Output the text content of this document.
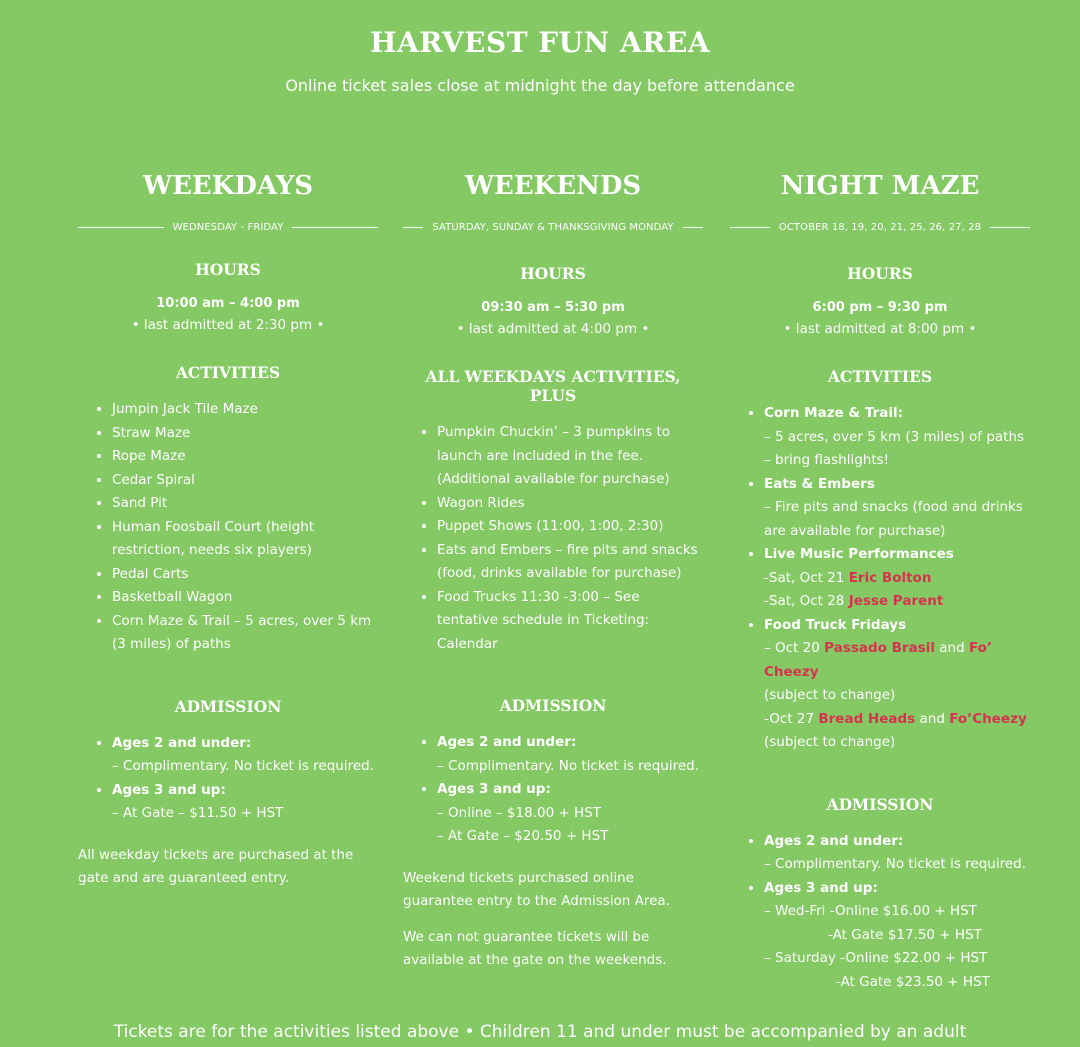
HARVEST FUN AREA
Online ticket sales close at midnight the day before attendance
WEEKDAYS
WEDNESDAY - FRIDAY
HOURS
10:00 am – 4:00 pm
• last admitted at 2:30 pm •
ACTIVITIES
• Jumpin Jack Tile Maze
• Straw Maze
• Rope Maze
• Cedar Spiral
• Sand Pit
• Human Foosball Court (height restriction, needs six players)
• Pedal Carts
• Basketball Wagon
• Corn Maze & Trail – 5 acres, over 5 km (3 miles) of paths
ADMISSION
• Ages 2 and under:
– Complimentary. No ticket is required.
• Ages 3 and up:
– At Gate – $11.50 + HST

All weekday tickets are purchased at the gate and are guaranteed entry.

WEEKENDS
SATURDAY, SUNDAY & THANKSGIVING MONDAY
HOURS
09:30 am – 5:30 pm
• last admitted at 4:00 pm •
ALL WEEKDAYS ACTIVITIES, PLUS
• Pumpkin Chuckin’ – 3 pumpkins to launch are included in the fee. (Additional available for purchase)
• Wagon Rides
• Puppet Shows (11:00, 1:00, 2:30)
• Eats and Embers – fire pits and snacks (food, drinks available for purchase)
• Food Trucks 11:30 -3:00 – See tentative schedule in Ticketing: Calendar
ADMISSION
• Ages 2 and under:
– Complimentary. No ticket is required.
• Ages 3 and up:
– Online – $18.00 + HST
– At Gate – $20.50 + HST

Weekend tickets purchased online guarantee entry to the Admission Area.

We can not guarantee tickets will be available at the gate on the weekends.

NIGHT MAZE
OCTOBER 18, 19, 20, 21, 25, 26, 27, 28
HOURS
6:00 pm – 9:30 pm
• last admitted at 8:00 pm •
ACTIVITIES
• Corn Maze & Trail:
– 5 acres, over 5 km (3 miles) of paths – bring flashlights!
• Eats & Embers
– Fire pits and snacks (food and drinks are available for purchase)
• Live Music Performances
-Sat, Oct 21 Eric Bolton
-Sat, Oct 28 Jesse Parent
• Food Truck Fridays
– Oct 20 Passado Brasil and Fo’ Cheezy
(subject to change)
-Oct 27 Bread Heads and Fo’Cheezy
(subject to change)
ADMISSION
• Ages 2 and under:
– Complimentary. No ticket is required.
• Ages 3 and up:
– Wed-Fri -Online $16.00 + HST
-At Gate $17.50 + HST
– Saturday -Online $22.00 + HST
-At Gate $23.50 + HST
Tickets are for the activities listed above • Children 11 and under must be accompanied by an adult
